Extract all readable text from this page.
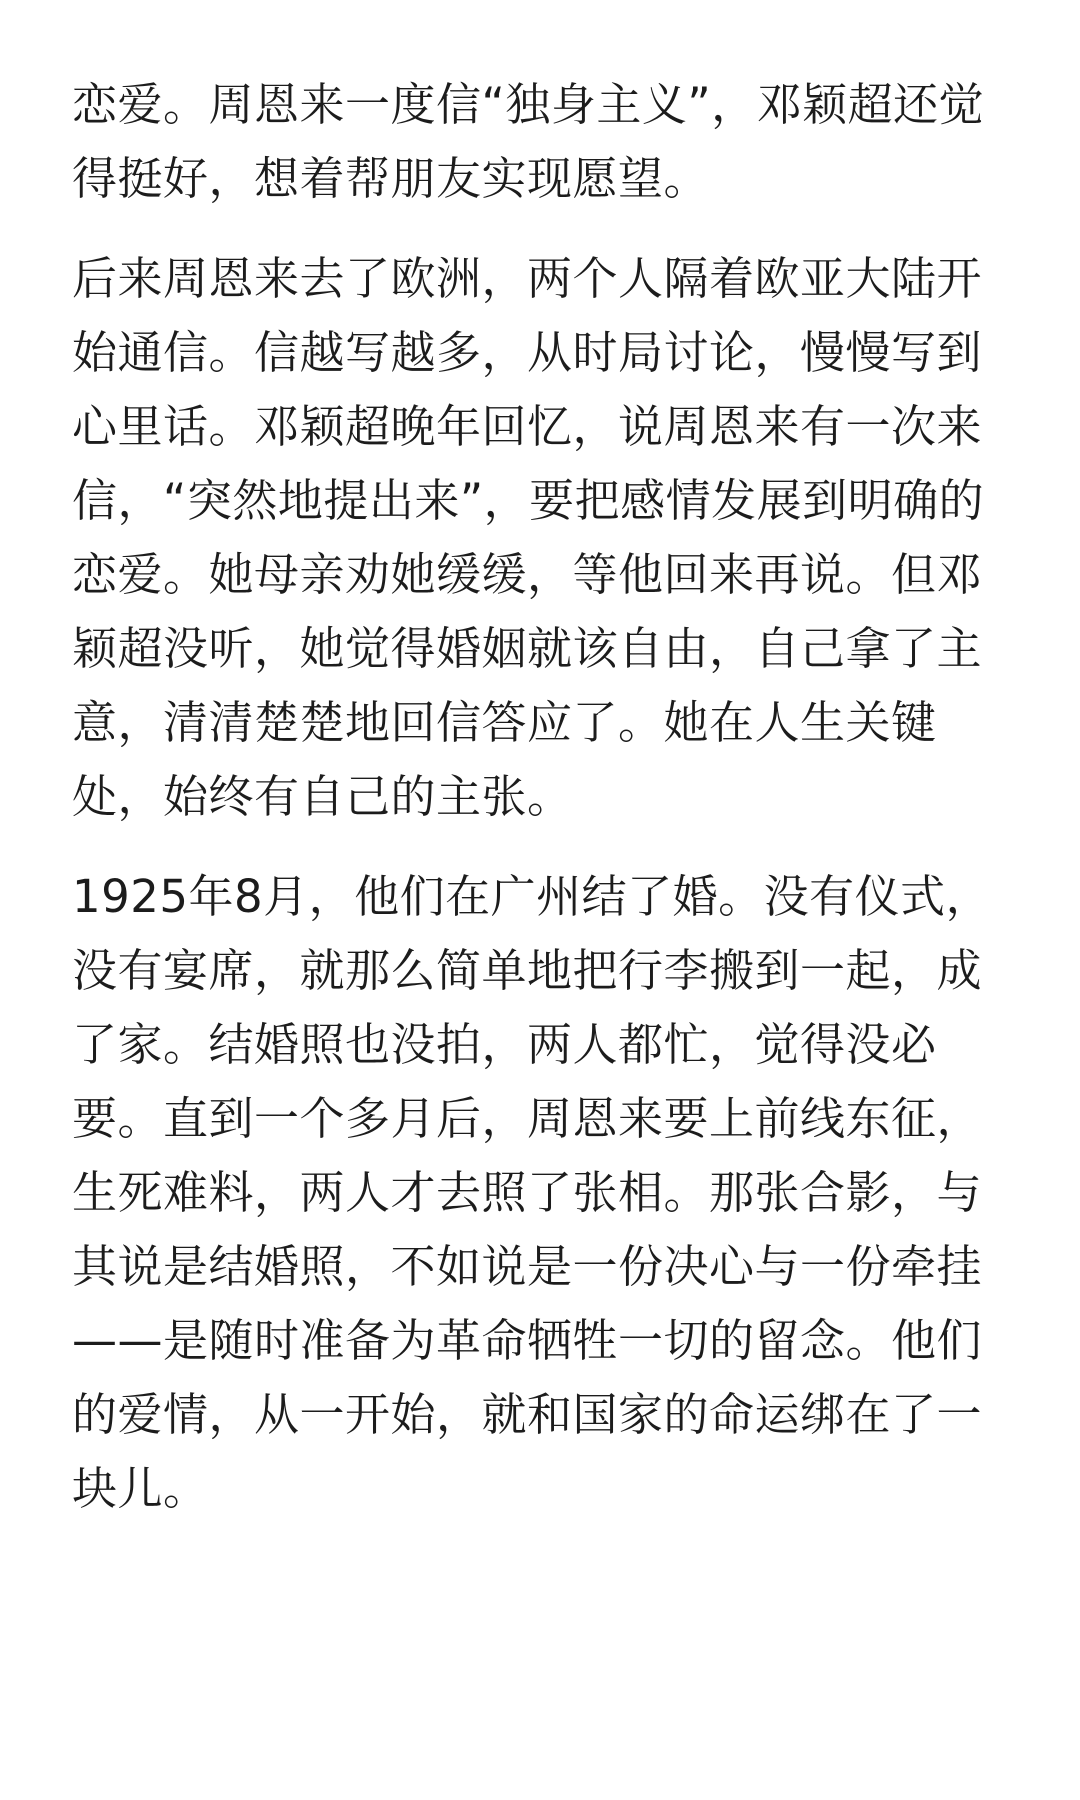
恋爱。周恩来一度信“独身主义”，邓颖超还觉得挺好，想着帮朋友实现愿望。

后来周恩来去了欧洲，两个人隔着欧亚大陆开始通信。信越写越多，从时局讨论，慢慢写到心里话。邓颖超晚年回忆，说周恩来有一次来信，“突然地提出来”，要把感情发展到明确的恋爱。她母亲劝她缓缓，等他回来再说。但邓颖超没听，她觉得婚姻就该自由，自己拿了主意，清清楚楚地回信答应了。她在人生关键处，始终有自己的主张。

1925年8月，他们在广州结了婚。没有仪式，没有宴席，就那么简单地把行李搬到一起，成了家。结婚照也没拍，两人都忙，觉得没必要。直到一个多月后，周恩来要上前线东征，生死难料，两人才去照了张相。那张合影，与其说是结婚照，不如说是一份决心与一份牵挂——是随时准备为革命牺牲一切的留念。他们的爱情，从一开始，就和国家的命运绑在了一块儿。
